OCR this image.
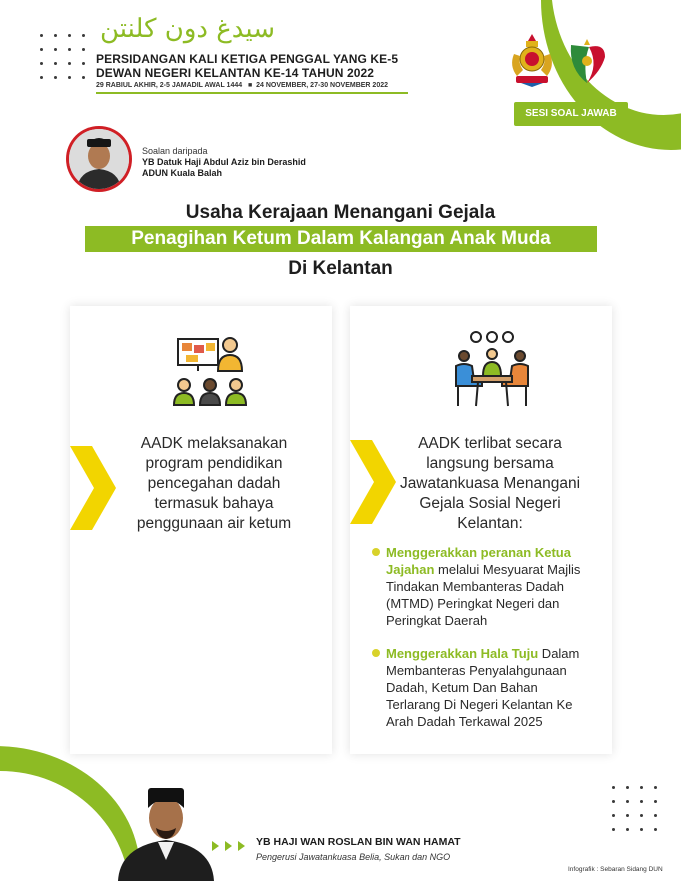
سيدغ دون كلنتن
PERSIDANGAN KALI KETIGA PENGGAL YANG KE-5
DEWAN NEGERI KELANTAN KE-14 TAHUN 2022
29 RABIUL AKHIR, 2-5 JAMADIL AWAL 1444   ■  24 NOVEMBER, 27-30 NOVEMBER 2022
SESI SOAL JAWAB
Soalan daripada
YB Datuk Haji Abdul Aziz bin Derashid
ADUN Kuala Balah
Usaha Kerajaan Menangani Gejala
Penagihan Ketum Dalam Kalangan Anak Muda
Di Kelantan
AADK melaksanakan
program pendidikan
pencegahan dadah
termasuk bahaya
penggunaan air ketum
AADK terlibat secara
langsung bersama
Jawatankuasa Menangani
Gejala Sosial Negeri
Kelantan:
Menggerakkan peranan Ketua
Jajahan melalui Mesyuarat Majlis
Tindakan Membanteras Dadah
(MTMD) Peringkat Negeri dan
Peringkat Daerah
Menggerakkan Hala Tuju Dalam
Membanteras Penyalahgunaan
Dadah, Ketum Dan Bahan
Terlarang Di Negeri Kelantan Ke
Arah Dadah Terkawal 2025
YB HAJI WAN ROSLAN BIN WAN HAMAT
Pengerusi Jawatankuasa Belia, Sukan dan NGO
Infografik : Sebaran Sidang DUN
